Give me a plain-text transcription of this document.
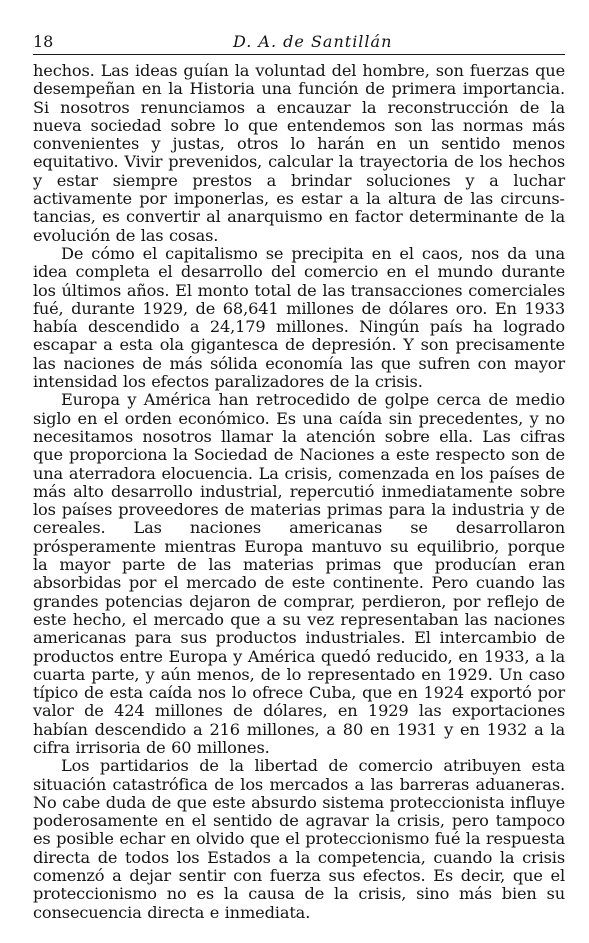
18	D. A. de Santillán

hechos. Las ideas guían la voluntad del hombre, son fuerzas que desempeñan en la Historia una función de primera importancia. Si nosotros renunciamos a encauzar la reconstrucción de la nueva sociedad sobre lo que entendemos son las normas más convenientes y justas, otros lo harán en un sentido menos equitativo. Vivir prevenidos, calcular la trayectoria de los hechos y estar siempre prestos a brindar soluciones y a luchar activamente por imponerlas, es estar a la altura de las circunstancias, es convertir al anarquismo en factor determinante de la evolución de las cosas.

De cómo el capitalismo se precipita en el caos, nos da una idea completa el desarrollo del comercio en el mundo durante los últimos años. El monto total de las transacciones comerciales fué, durante 1929, de 68,641 millones de dólares oro. En 1933 había descendido a 24,179 millones. Ningún país ha logrado escapar a esta ola gigantesca de depresión. Y son precisamente las naciones de más sólida economía las que sufren con mayor intensidad los efectos paralizadores de la crisis.

Europa y América han retrocedido de golpe cerca de medio siglo en el orden económico. Es una caída sin precedentes, y no necesitamos nosotros llamar la atención sobre ella. Las cifras que proporciona la Sociedad de Naciones a este respecto son de una aterradora elocuencia. La crisis, comenzada en los países de más alto desarrollo industrial, repercutió inmediatamente sobre los países proveedores de materias primas para la industria y de cereales. Las naciones americanas se desarrollaron prósperamente mientras Europa mantuvo su equilibrio, porque la mayor parte de las materias primas que producían eran absorbidas por el mercado de este continente. Pero cuando las grandes potencias dejaron de comprar, perdieron, por reflejo de este hecho, el mercado que a su vez representaban las naciones americanas para sus productos industriales. El intercambio de productos entre Europa y América quedó reducido, en 1933, a la cuarta parte, y aún menos, de lo representado en 1929. Un caso típico de esta caída nos lo ofrece Cuba, que en 1924 exportó por valor de 424 millones de dólares, en 1929 las exportaciones habían descendido a 216 millones, a 80 en 1931 y en 1932 a la cifra irrisoria de 60 millones.

Los partidarios de la libertad de comercio atribuyen esta situación catastrófica de los mercados a las barreras aduaneras. No cabe duda de que este absurdo sistema proteccionista influye poderosamente en el sentido de agravar la crisis, pero tampoco es posible echar en olvido que el proteccionismo fué la respuesta directa de todos los Estados a la competencia, cuando la crisis comenzó a dejar sentir con fuerza sus efectos. Es decir, que el proteccionismo no es la causa de la crisis, sino más bien su consecuencia directa e inmediata.
